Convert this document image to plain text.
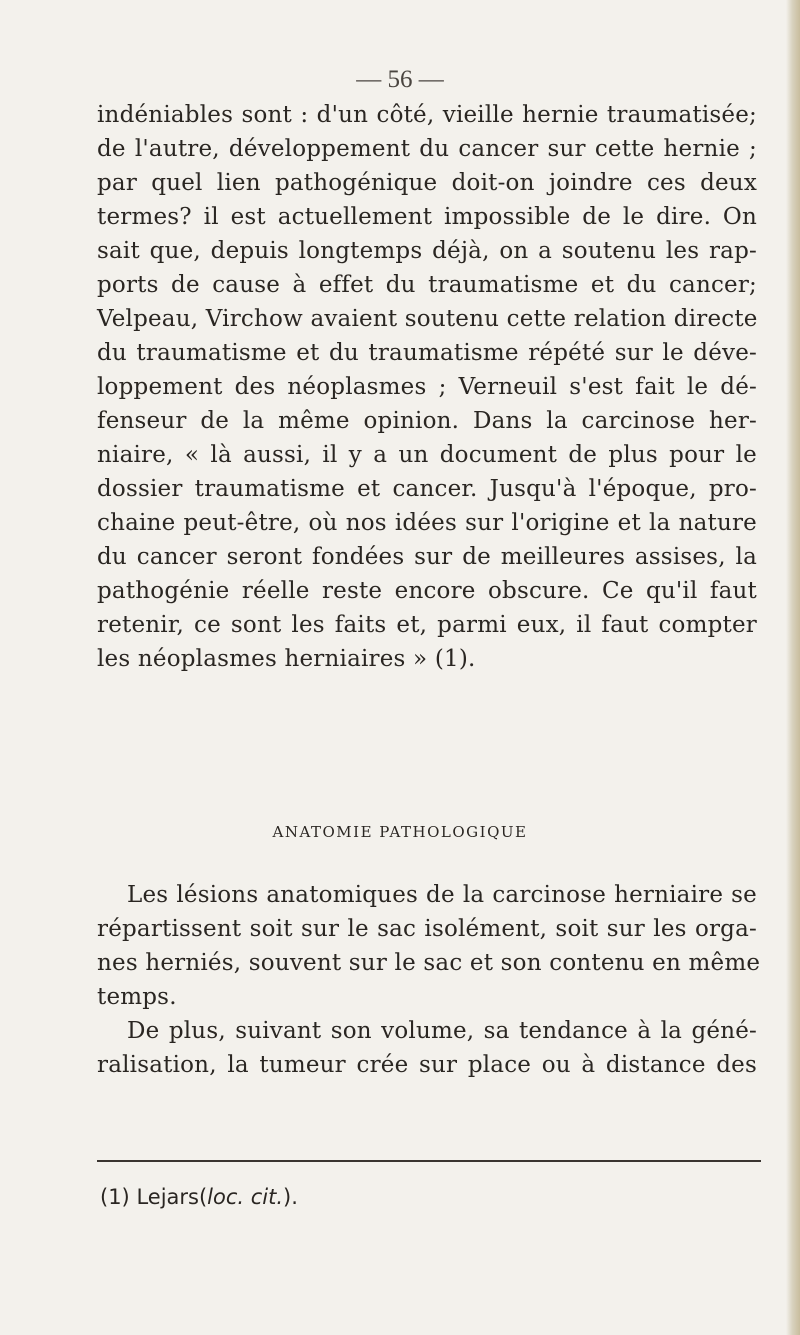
— 56 —
indéniables sont : d'un côté, vieille hernie traumatisée;
de l'autre, développement du cancer sur cette hernie ;
par quel lien pathogénique doit-on joindre ces deux
termes? il est actuellement impossible de le dire. On
sait que, depuis longtemps déjà, on a soutenu les rap-
ports de cause à effet du traumatisme et du cancer;
Velpeau, Virchow avaient soutenu cette relation directe
du traumatisme et du traumatisme répété sur le déve-
loppement des néoplasmes ; Verneuil s'est fait le dé-
fenseur de la même opinion. Dans la carcinose her-
niaire, « là aussi, il y a un document de plus pour le
dossier traumatisme et cancer. Jusqu'à l'époque, pro-
chaine peut-être, où nos idées sur l'origine et la nature
du cancer seront fondées sur de meilleures assises, la
pathogénie réelle reste encore obscure. Ce qu'il faut
retenir, ce sont les faits et, parmi eux, il faut compter
les néoplasmes herniaires » (1).
ANATOMIE PATHOLOGIQUE
Les lésions anatomiques de la carcinose herniaire se
répartissent soit sur le sac isolément, soit sur les orga-
nes herniés, souvent sur le sac et son contenu en même
temps.
De plus, suivant son volume, sa tendance à la géné-
ralisation, la tumeur crée sur place ou à distance des
(1) Lejars(loc. cit.).
